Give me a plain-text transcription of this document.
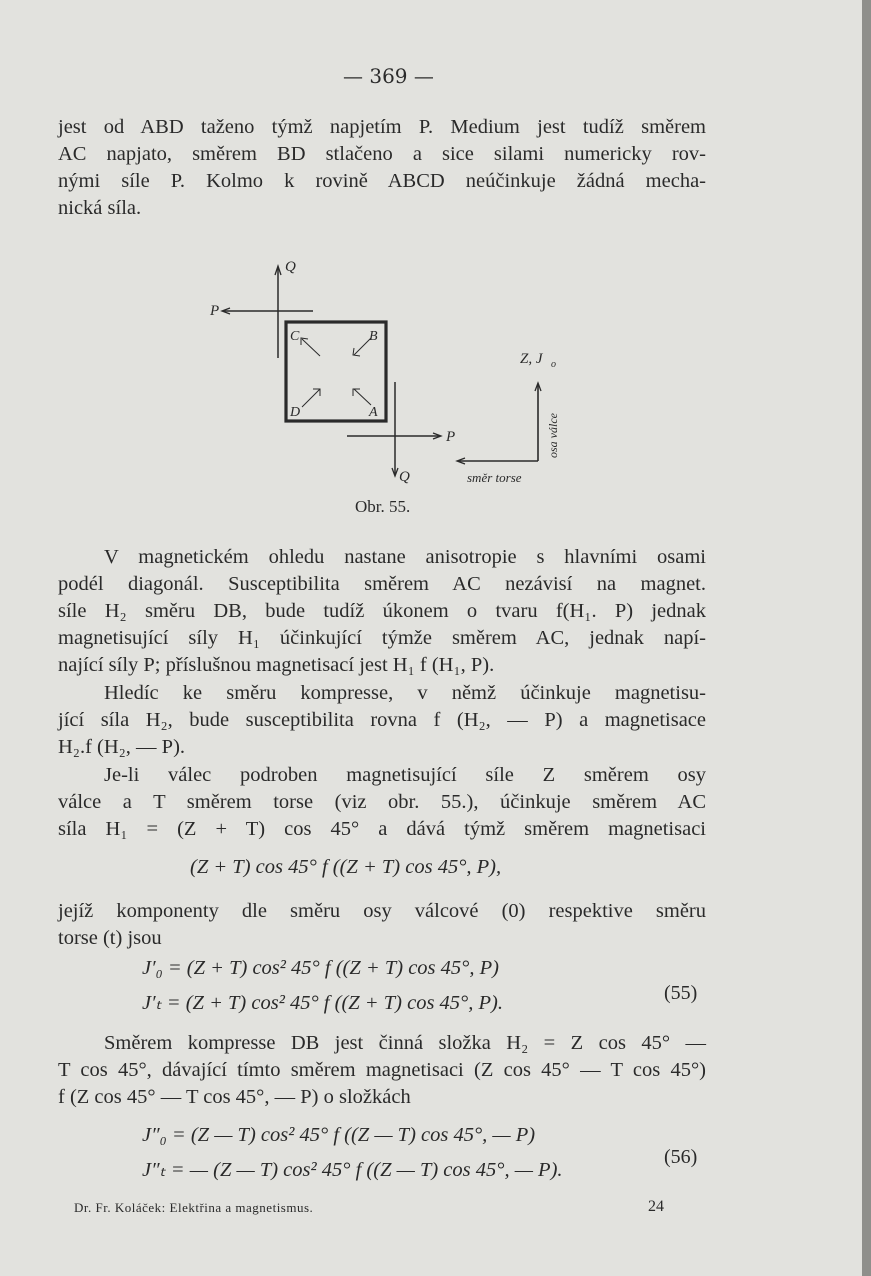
— 369 —
jest od ABD taženo týmž napjetím P. Medium jest tudíž směrem
AC napjato, směrem BD stlačeno a sice silami numericky rov-
nými síle P. Kolmo k rovině ABCD neúčinkuje žádná mecha-
nická síla.
Q
P
C	B
D	A
P
Q
Z, J o
osa válce
směr torse
Obr. 55.
V magnetickém ohledu nastane anisotropie s hlavními osami
podél diagonál. Susceptibilita směrem AC nezávisí na magnet.
síle H₂ směru DB, bude tudíž úkonem o tvaru f(H₁. P) jednak
magnetisující síly H₁ účinkující týmže směrem AC, jednak napí-
nající síly P; příslušnou magnetisací jest H₁ f (H₁, P).
Hledíc ke směru kompresse, v němž účinkuje magnetisu-
jící síla H₂, bude susceptibilita rovna f (H₂, — P) a magnetisace
H₂.f (H₂, — P).
Je-li válec podroben magnetisující síle Z směrem osy
válce a T směrem torse (viz obr. 55.), účinkuje směrem AC
síla H₁ = (Z + T) cos 45° a dává týmž směrem magnetisaci
(Z + T) cos 45° f ((Z + T) cos 45°, P),
jejíž komponenty dle směru osy válcové (0) respektive směru
torse (t) jsou
J′₀ = (Z + T) cos² 45° f ((Z + T) cos 45°, P)
J′ₜ = (Z + T) cos² 45° f ((Z + T) cos 45°, P).	(55)
Směrem kompresse DB jest činná složka H₂ = Z cos 45° —
T cos 45°, dávající tímto směrem magnetisaci (Z cos 45° — T cos 45°)
f (Z cos 45° — T cos 45°, — P) o složkách
J″₀ = (Z — T) cos² 45° f ((Z — T) cos 45°, — P)
J″ₜ = — (Z — T) cos² 45° f ((Z — T) cos 45°, — P).
(56)
Dr. Fr. Koláček: Elektřina a magnetismus.	24
